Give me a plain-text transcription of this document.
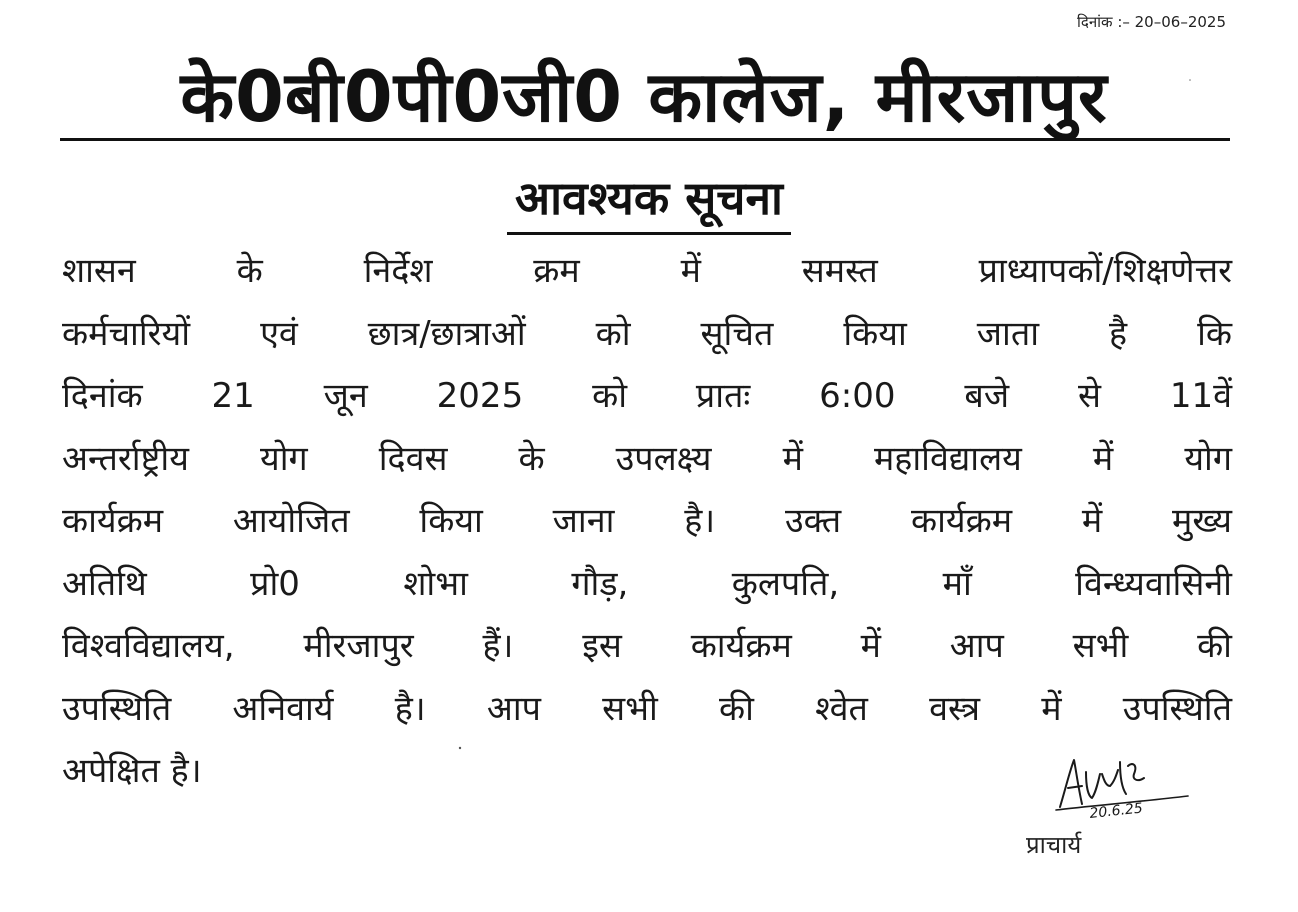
दिनांक :– 20–06–2025
के0बी0पी0जी0 कालेज, मीरजापुर
आवश्यक सूचना
शासन के निर्देश क्रम में समस्त प्राध्यापकों/शिक्षणेत्तर
कर्मचारियों एवं छात्र/छात्राओं को सूचित किया जाता है कि
दिनांक 21 जून 2025 को प्रातः 6:00 बजे से 11वें
अन्तर्राष्ट्रीय योग दिवस के उपलक्ष्य में महाविद्यालय में योग
कार्यक्रम आयोजित किया जाना है। उक्त कार्यक्रम में मुख्य
अतिथि प्रो0 शोभा गौड़, कुलपति, माँ विन्ध्यवासिनी
विश्वविद्यालय, मीरजापुर हैं। इस कार्यक्रम में आप सभी की
उपस्थिति अनिवार्य है। आप सभी की श्वेत वस्त्र में उपस्थिति
अपेक्षित है।
20.6.25
प्राचार्य
